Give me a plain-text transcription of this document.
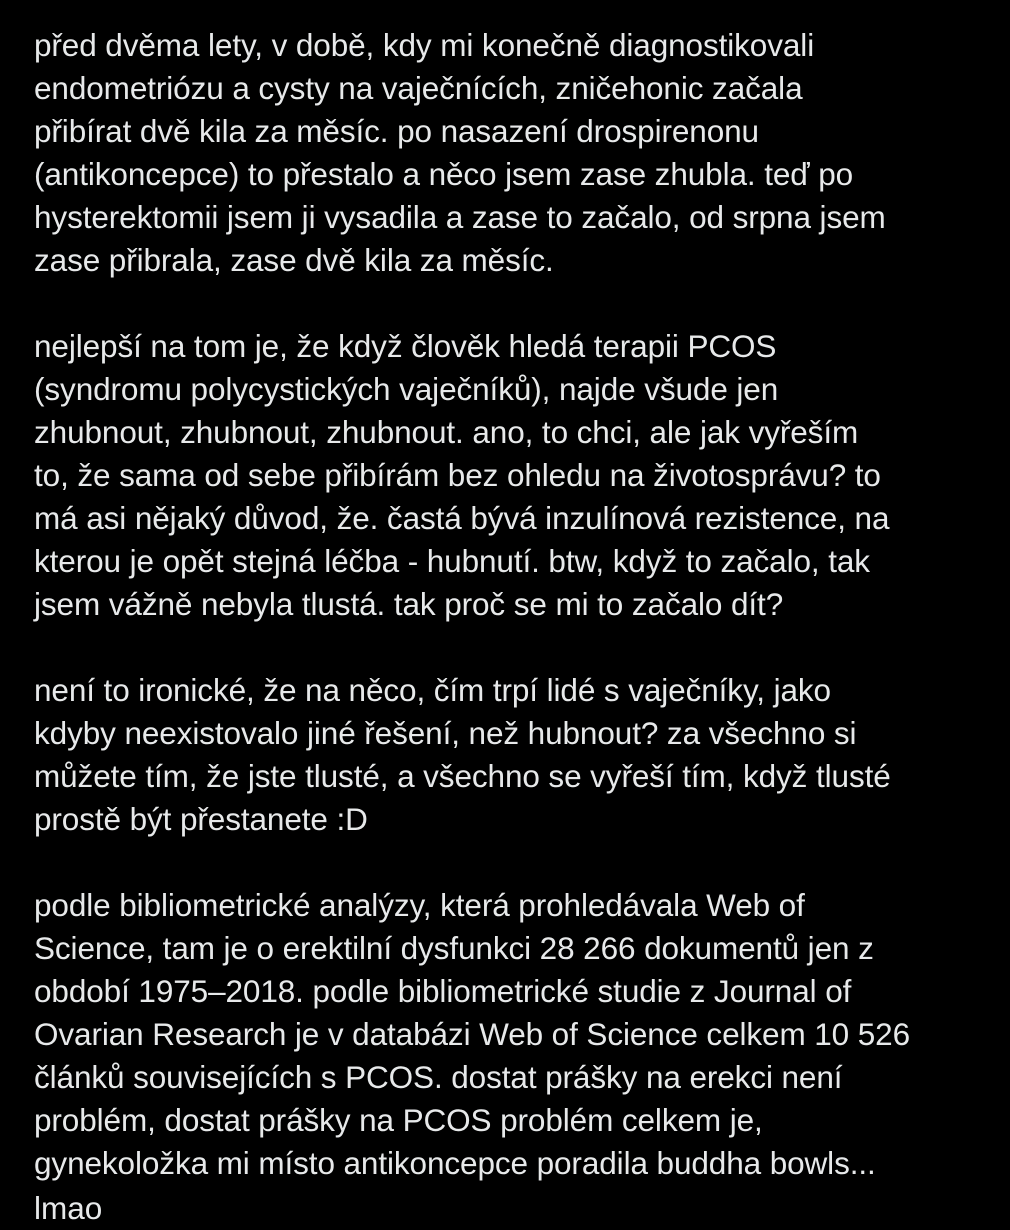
před dvěma lety, v době, kdy mi konečně diagnostikovali
endometriózu a cysty na vaječnících, zničehonic začala
přibírat dvě kila za měsíc. po nasazení drospirenonu
(antikoncepce) to přestalo a něco jsem zase zhubla. teď po
hysterektomii jsem ji vysadila a zase to začalo, od srpna jsem
zase přibrala, zase dvě kila za měsíc.

nejlepší na tom je, že když člověk hledá terapii PCOS
(syndromu polycystických vaječníků), najde všude jen
zhubnout, zhubnout, zhubnout. ano, to chci, ale jak vyřeším
to, že sama od sebe přibírám bez ohledu na životosprávu? to
má asi nějaký důvod, že. častá bývá inzulínová rezistence, na
kterou je opět stejná léčba - hubnutí. btw, když to začalo, tak
jsem vážně nebyla tlustá. tak proč se mi to začalo dít?

není to ironické, že na něco, čím trpí lidé s vaječníky, jako
kdyby neexistovalo jiné řešení, než hubnout? za všechno si
můžete tím, že jste tlusté, a všechno se vyřeší tím, když tlusté
prostě být přestanete :D

podle bibliometrické analýzy, která prohledávala Web of
Science, tam je o erektilní dysfunkci 28 266 dokumentů jen z
období 1975–2018. podle bibliometrické studie z Journal of
Ovarian Research je v databázi Web of Science celkem 10 526
článků souvisejících s PCOS. dostat prášky na erekci není
problém, dostat prášky na PCOS problém celkem je,
gynekoložka mi místo antikoncepce poradila buddha bowls...

lmao
